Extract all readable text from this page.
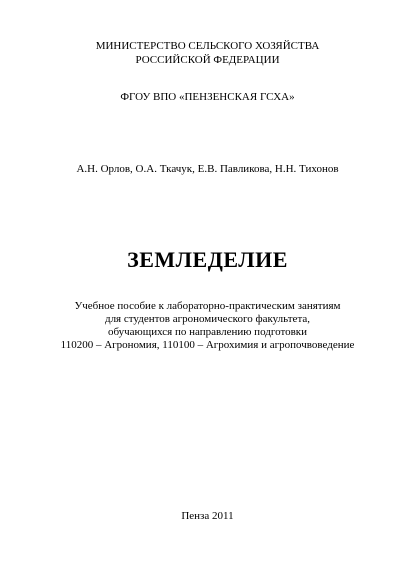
МИНИСТЕРСТВО СЕЛЬСКОГО ХОЗЯЙСТВА
РОССИЙСКОЙ ФЕДЕРАЦИИ
ФГОУ ВПО «ПЕНЗЕНСКАЯ ГСХА»
А.Н. Орлов, О.А. Ткачук, Е.В. Павликова, Н.Н. Тихонов
ЗЕМЛЕДЕЛИЕ
Учебное пособие к лабораторно-практическим занятиям
для студентов агрономического факультета,
обучающихся по направлению подготовки
110200 – Агрономия, 110100 – Агрохимия и агропочвоведение
Пенза 2011
